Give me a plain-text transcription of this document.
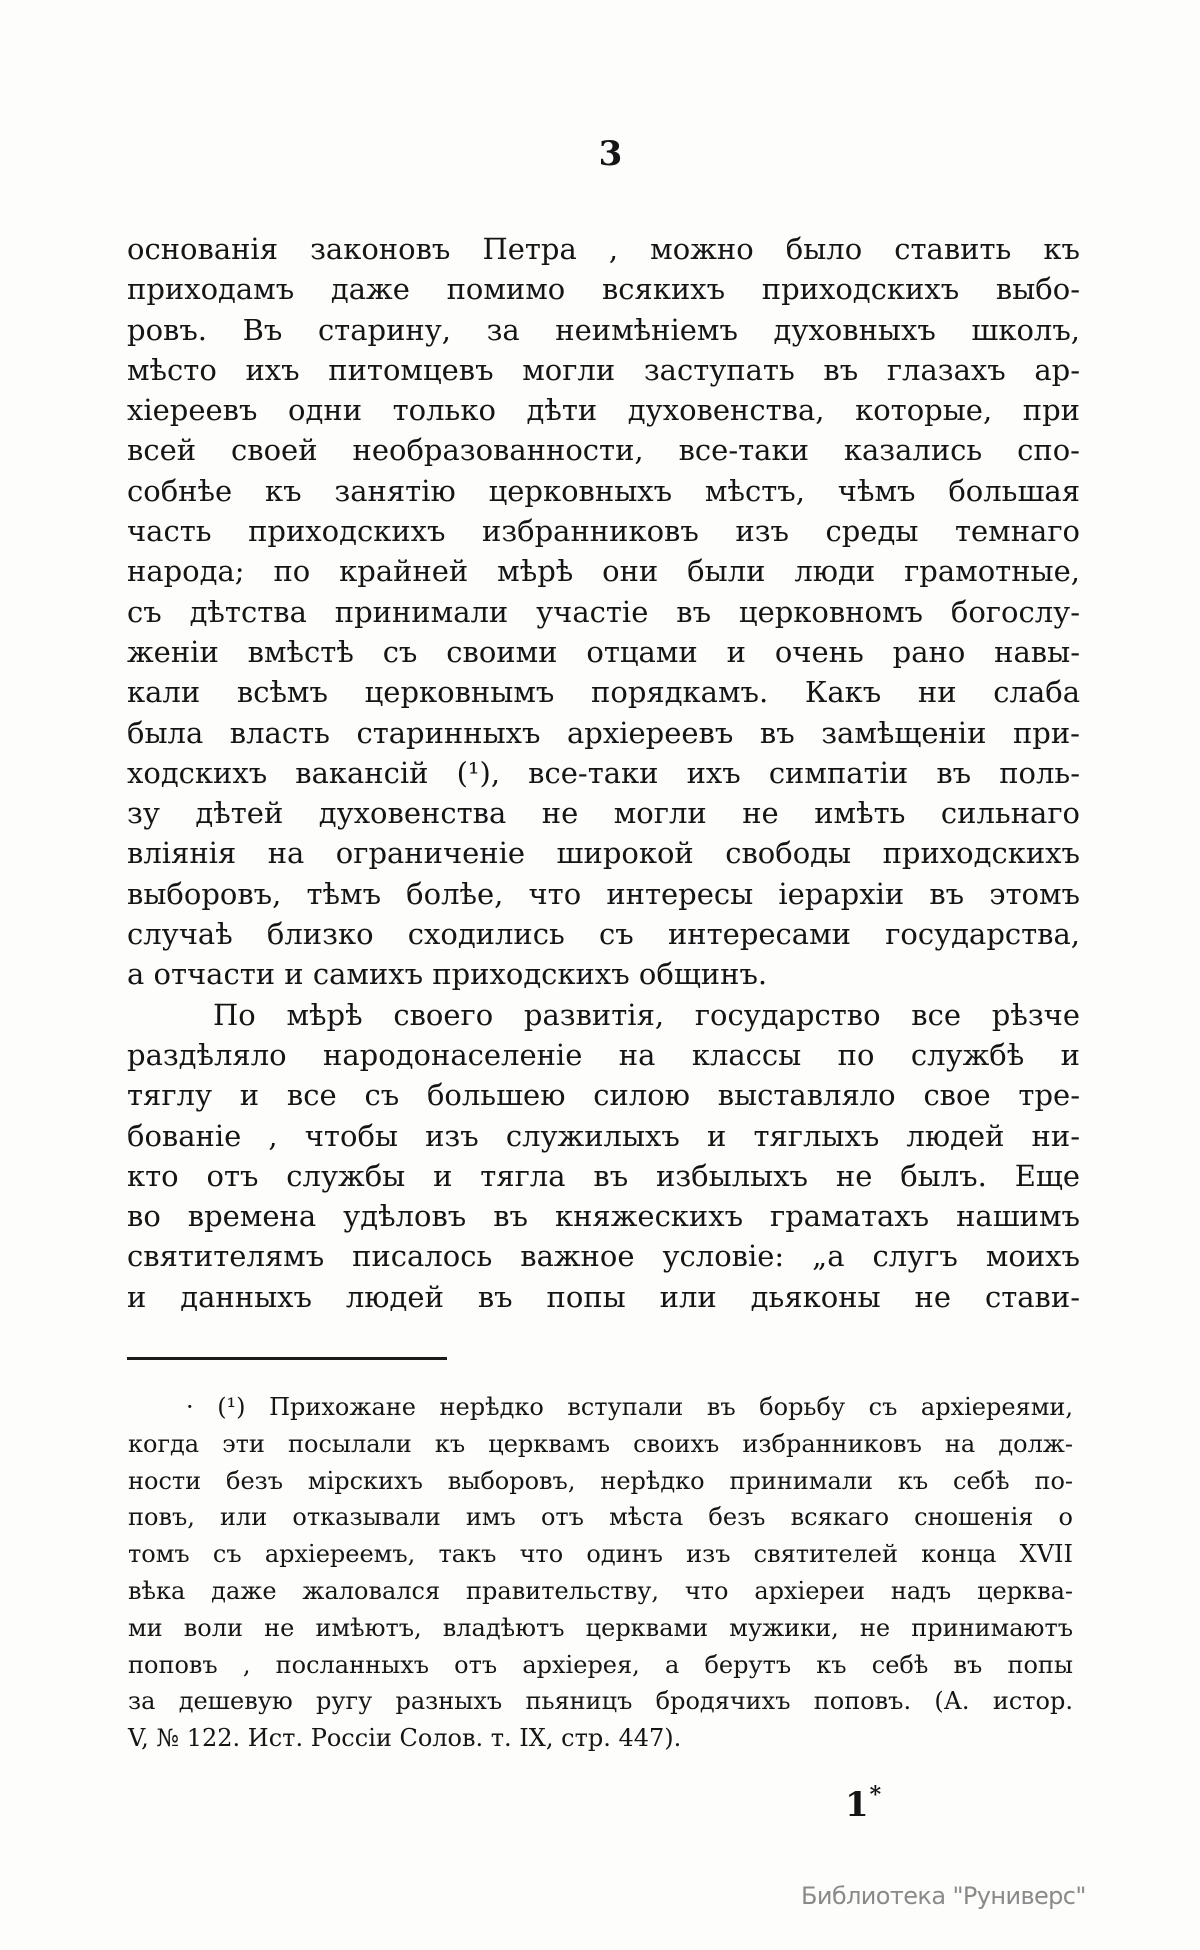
3
основанія законовъ Петра , можно было ставить къ
приходамъ даже помимо всякихъ приходскихъ выбо-
ровъ. Въ старину, за неимѣніемъ духовныхъ школъ,
мѣсто ихъ питомцевъ могли заступать въ глазахъ ар-
хіереевъ одни только дѣти духовенства, которые, при
всей своей необразованности, все-таки казались спо-
собнѣе къ занятію церковныхъ мѣстъ, чѣмъ большая
часть приходскихъ избранниковъ изъ среды темнаго
народа; по крайней мѣрѣ они были люди грамотные,
съ дѣтства принимали участіе въ церковномъ богослу-
женіи вмѣстѣ съ своими отцами и очень рано навы-
кали всѣмъ церковнымъ порядкамъ. Какъ ни слаба
была власть старинныхъ архіереевъ въ замѣщеніи при-
ходскихъ вакансій (¹), все-таки ихъ симпатіи въ поль-
зу дѣтей духовенства не могли не имѣть сильнаго
вліянія на ограниченіе широкой свободы приходскихъ
выборовъ, тѣмъ болѣе, что интересы іерархіи въ этомъ
случаѣ близко сходились съ интересами государства,
а отчасти и самихъ приходскихъ общинъ.
По мѣрѣ своего развитія, государство все рѣзче
раздѣляло народонаселеніе на классы по службѣ и
тяглу и все съ большею силою выставляло свое тре-
бованіе , чтобы изъ служилыхъ и тяглыхъ людей ни-
кто отъ службы и тягла въ избылыхъ не былъ. Еще
во времена удѣловъ въ княжескихъ граматахъ нашимъ
святителямъ писалось важное условіе: „а слугъ моихъ
и данныхъ людей въ попы или дьяконы не стави-
· (¹) Прихожане нерѣдко вступали въ борьбу съ архіереями,
когда эти посылали къ церквамъ своихъ избранниковъ на долж-
ности безъ мірскихъ выборовъ, нерѣдко принимали къ себѣ по-
повъ, или отказывали имъ отъ мѣста безъ всякаго сношенія о
томъ съ архіереемъ, такъ что одинъ изъ святителей конца XVII
вѣка даже жаловался правительству, что архіереи надъ церква-
ми воли не имѣютъ, владѣютъ церквами мужики, не принимаютъ
поповъ , посланныхъ отъ архіерея, а берутъ къ себѣ въ попы
за дешевую ругу разныхъ пьяницъ бродячихъ поповъ. (А. истор.
V, № 122. Ист. Россіи Солов. т. IX, стр. 447).
1*
Библиотека "Руниверс"
